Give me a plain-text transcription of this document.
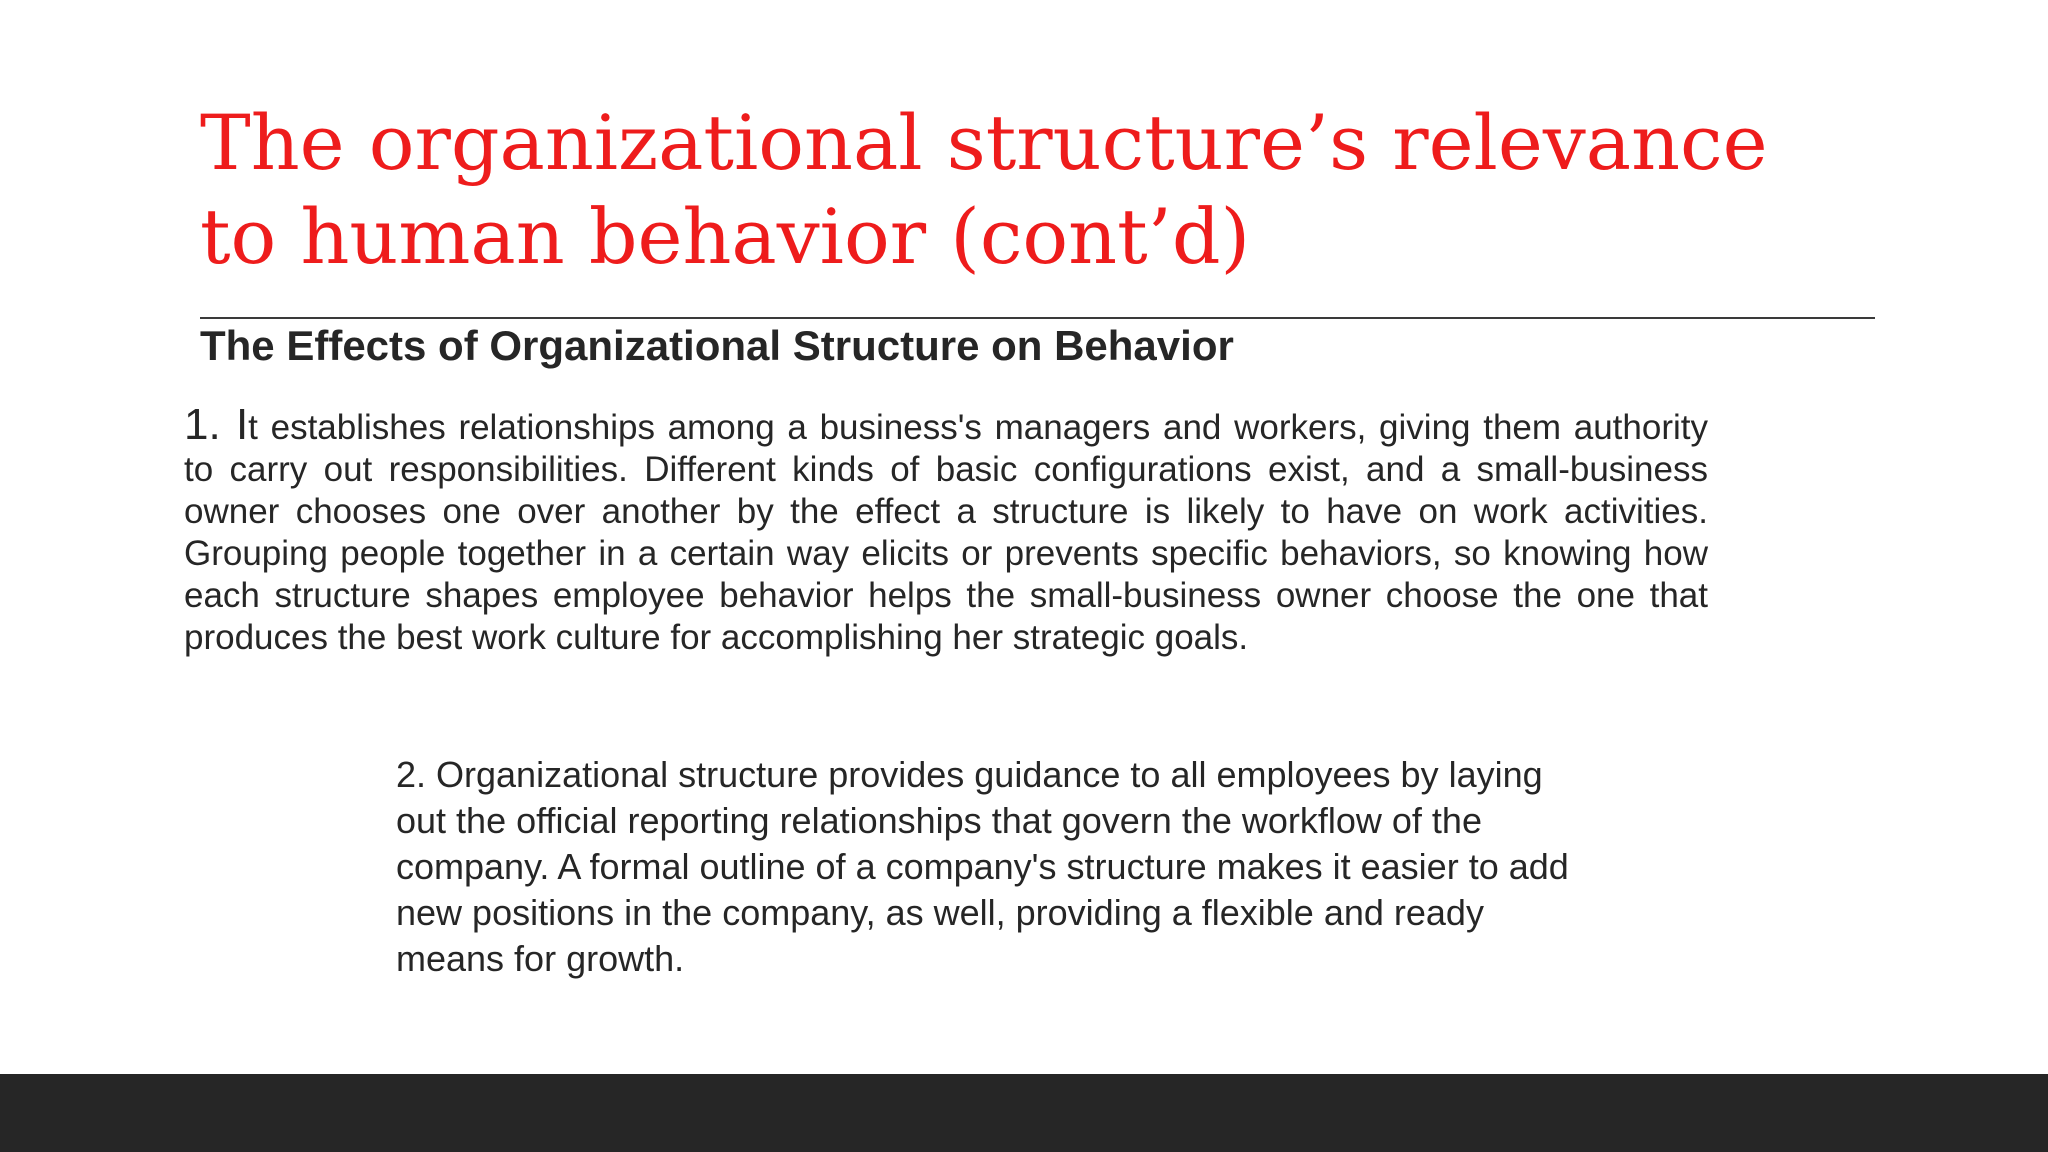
The organizational structure’s relevance
to human behavior (cont’d)
The Effects of Organizational Structure on Behavior

1. It establishes relationships among a business's managers and workers, giving them authority to carry out responsibilities. Different kinds of basic configurations exist, and a small-business owner chooses one over another by the effect a structure is likely to have on work activities. Grouping people together in a certain way elicits or prevents specific behaviors, so knowing how each structure shapes employee behavior helps the small-business owner choose the one that produces the best work culture for accomplishing her strategic goals.

2. Organizational structure provides guidance to all employees by laying
out the official reporting relationships that govern the workflow of the
company. A formal outline of a company's structure makes it easier to add
new positions in the company, as well, providing a flexible and ready
means for growth.
